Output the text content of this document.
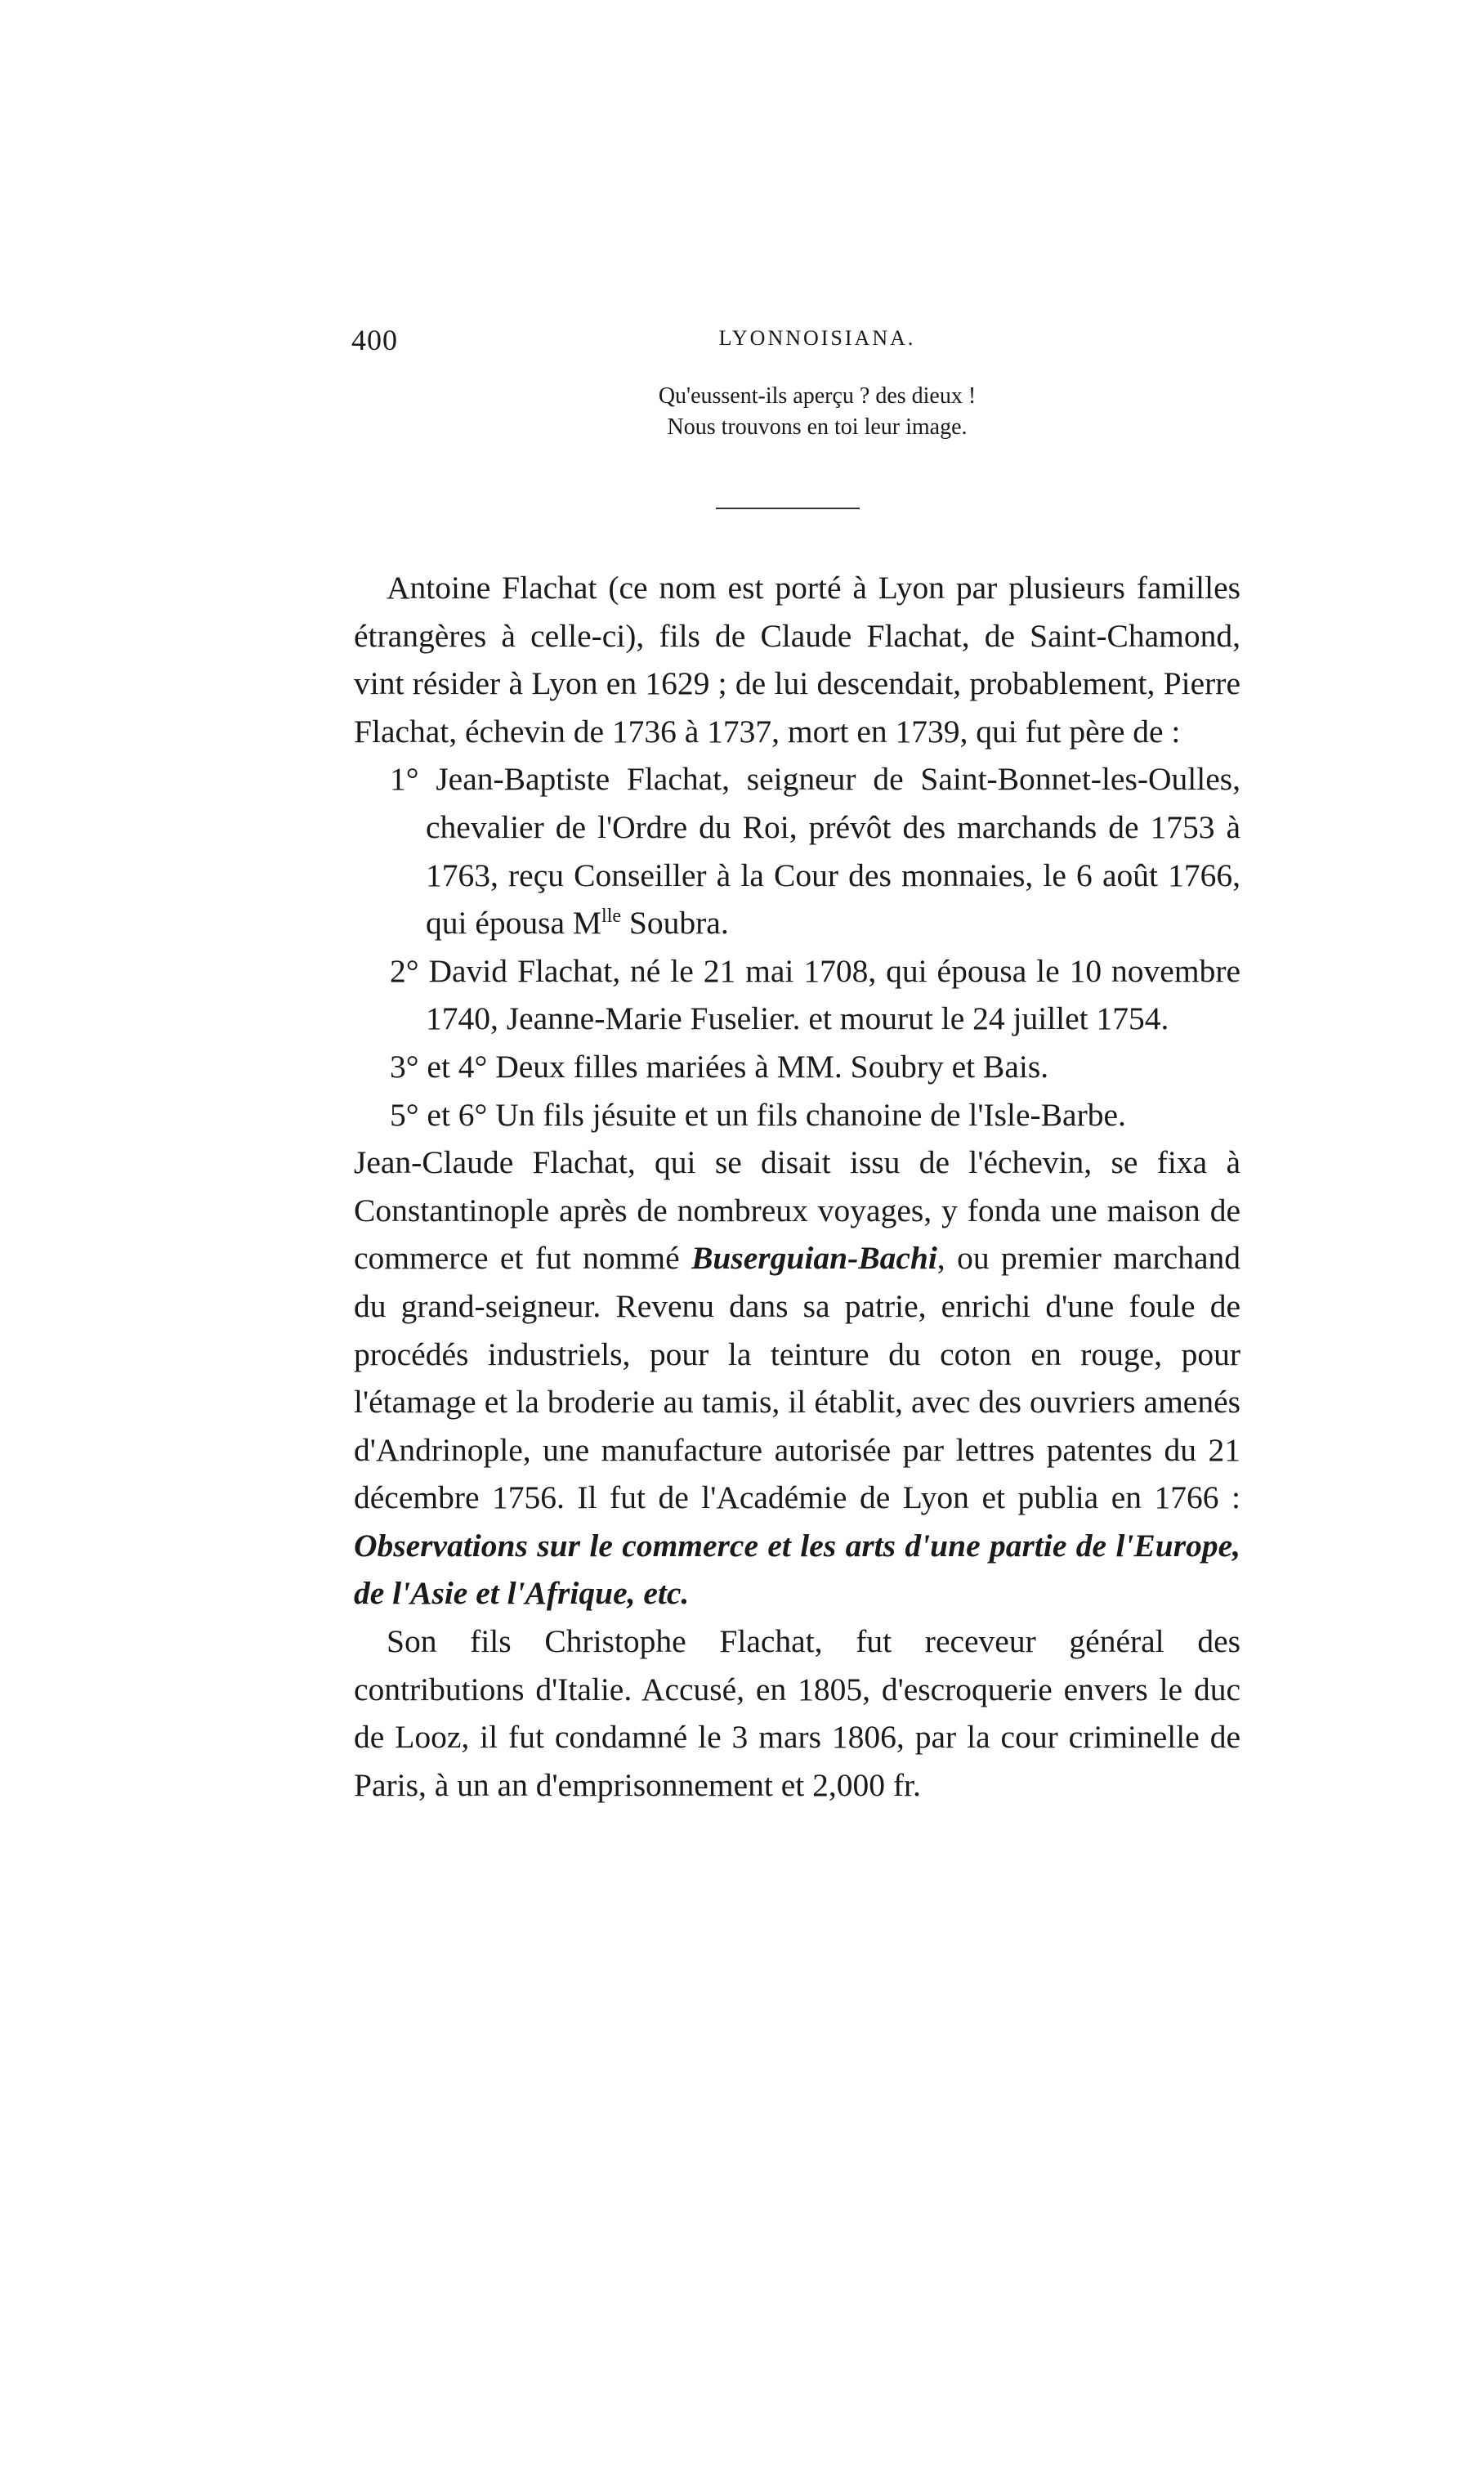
400	LYONNOISIANA.
Qu'eussent-ils aperçu ? des dieux !
Nous trouvons en toi leur image.

Antoine Flachat (ce nom est porté à Lyon par plusieurs familles étrangères à celle-ci), fils de Claude Flachat, de Saint-Chamond, vint résider à Lyon en 1629 ; de lui descendait, probablement, Pierre Flachat, échevin de 1736 à 1737, mort en 1739, qui fut père de :

1° Jean-Baptiste Flachat, seigneur de Saint-Bonnet-les-Oulles, chevalier de l'Ordre du Roi, prévôt des marchands de 1753 à 1763, reçu Conseiller à la Cour des monnaies, le 6 août 1766, qui épousa $M^{lle}$ Soubra.

2° David Flachat, né le 21 mai 1708, qui épousa le 10 novembre 1740, Jeanne-Marie Fuselier. et mourut le 24 juillet 1754.

3° et 4° Deux filles mariées à MM. Soubry et Bais.

5° et 6° Un fils jésuite et un fils chanoine de l'Isle-Barbe.

Jean-Claude Flachat, qui se disait issu de l'échevin, se fixa à Constantinople après de nombreux voyages, y fonda une maison de commerce et fut nommé Buserguian-Bachi, ou premier marchand du grand-seigneur. Revenu dans sa patrie, enrichi d'une foule de procédés industriels, pour la teinture du coton en rouge, pour l'étamage et la broderie au tamis, il établit, avec des ouvriers amenés d'Andrinople, une manufacture autorisée par lettres patentes du 21 décembre 1756. Il fut de l'Académie de Lyon et publia en 1766 : Observations sur le commerce et les arts d'une partie de l'Europe, de l'Asie et l'Afrique, etc.

Son fils Christophe Flachat, fut receveur général des contributions d'Italie. Accusé, en 1805, d'escroquerie envers le duc de Looz, il fut condamné le 3 mars 1806, par la cour criminelle de Paris, à un an d'emprisonnement et 2,000 fr.
